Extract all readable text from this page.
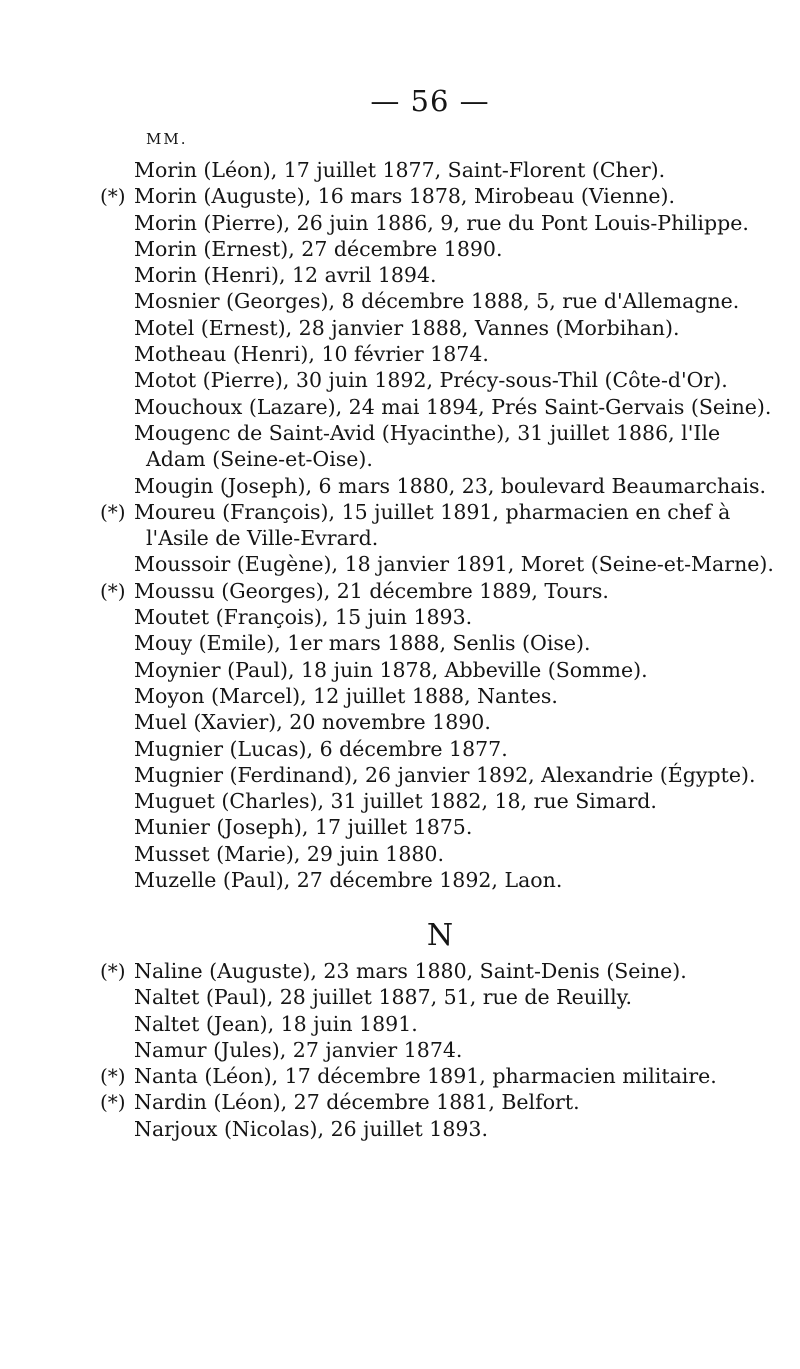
— 56 —
MM.
Morin (Léon), 17 juillet 1877, Saint-Florent (Cher).
(*) Morin (Auguste), 16 mars 1878, Mirobeau (Vienne).
Morin (Pierre), 26 juin 1886, 9, rue du Pont Louis-Philippe.
Morin (Ernest), 27 décembre 1890.
Morin (Henri), 12 avril 1894.
Mosnier (Georges), 8 décembre 1888, 5, rue d'Allemagne.
Motel (Ernest), 28 janvier 1888, Vannes (Morbihan).
Motheau (Henri), 10 février 1874.
Motot (Pierre), 30 juin 1892, Précy-sous-Thil (Côte-d'Or).
Mouchoux (Lazare), 24 mai 1894, Prés Saint-Gervais (Seine).
Mougenc de Saint-Avid (Hyacinthe), 31 juillet 1886, l'Ile
Adam (Seine-et-Oise).
Mougin (Joseph), 6 mars 1880, 23, boulevard Beaumarchais.
(*) Moureu (François), 15 juillet 1891, pharmacien en chef à
l'Asile de Ville-Evrard.
Moussoir (Eugène), 18 janvier 1891, Moret (Seine-et-Marne).
(*) Moussu (Georges), 21 décembre 1889, Tours.
Moutet (François), 15 juin 1893.
Mouy (Emile), 1er mars 1888, Senlis (Oise).
Moynier (Paul), 18 juin 1878, Abbeville (Somme).
Moyon (Marcel), 12 juillet 1888, Nantes.
Muel (Xavier), 20 novembre 1890.
Mugnier (Lucas), 6 décembre 1877.
Mugnier (Ferdinand), 26 janvier 1892, Alexandrie (Égypte).
Muguet (Charles), 31 juillet 1882, 18, rue Simard.
Munier (Joseph), 17 juillet 1875.
Musset (Marie), 29 juin 1880.
Muzelle (Paul), 27 décembre 1892, Laon.
N
(*) Naline (Auguste), 23 mars 1880, Saint-Denis (Seine).
Naltet (Paul), 28 juillet 1887, 51, rue de Reuilly.
Naltet (Jean), 18 juin 1891.
Namur (Jules), 27 janvier 1874.
(*) Nanta (Léon), 17 décembre 1891, pharmacien militaire.
(*) Nardin (Léon), 27 décembre 1881, Belfort.
Narjoux (Nicolas), 26 juillet 1893.
